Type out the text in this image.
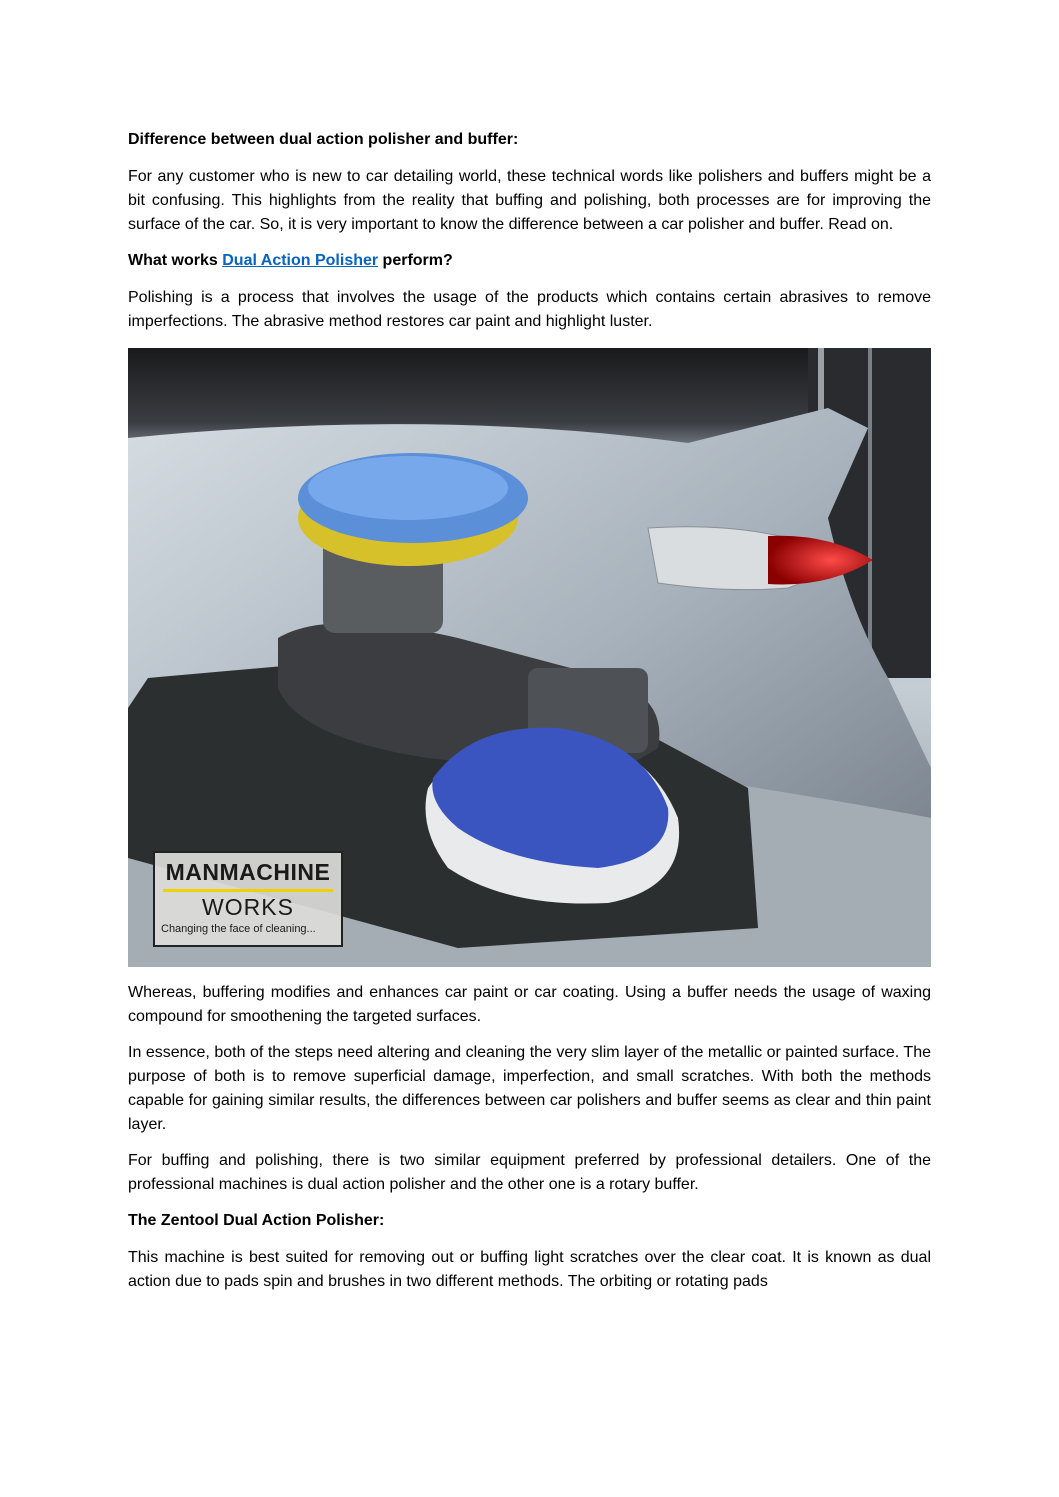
Difference between dual action polisher and buffer:

For any customer who is new to car detailing world, these technical words like polishers and buffers might be a bit confusing. This highlights from the reality that buffing and polishing, both processes are for improving the surface of the car. So, it is very important to know the difference between a car polisher and buffer. Read on.

What works Dual Action Polisher perform?

Polishing is a process that involves the usage of the products which contains certain abrasives to remove imperfections. The abrasive method restores car paint and highlight luster.

MANMACHINE
WORKS
Changing the face of cleaning...

Whereas, buffering modifies and enhances car paint or car coating. Using a buffer needs the usage of waxing compound for smoothening the targeted surfaces.

In essence, both of the steps need altering and cleaning the very slim layer of the metallic or painted surface. The purpose of both is to remove superficial damage, imperfection, and small scratches. With both the methods capable for gaining similar results, the differences between car polishers and buffer seems as clear and thin paint layer.

For buffing and polishing, there is two similar equipment preferred by professional detailers. One of the professional machines is dual action polisher and the other one is a rotary buffer.

The Zentool Dual Action Polisher:

This machine is best suited for removing out or buffing light scratches over the clear coat. It is known as dual action due to pads spin and brushes in two different methods. The orbiting or rotating pads
